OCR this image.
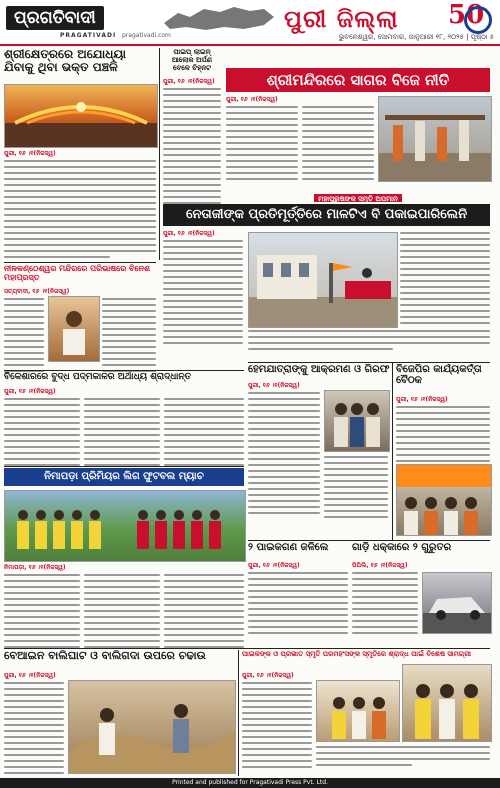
ପ୍ରଗତିବାଦୀ
PRAGATIVADI pragativadi.com
ପୁରୀ ଜିଲ୍ଲା 50
ଭୁବନେଶ୍ୱର, ସୋମବାର, ଜାନୁଆରୀ ୧୮, ୨୦୨୫ | ପୃଷ୍ଠା ୫
ଶ୍ରୀକ୍ଷେତ୍ରରେ ଅଯୋଧ୍ୟା ଯିବାକୁ ଥିବା ଭକ୍ତ ପଞ୍ଚଳି
ପୁରୀ, ୧୬ ।୧(ନିଜସ୍ୱ)
ପାଇପ୍ ଲାଇନ୍ ଆଲୋକ ଅର୍ପଣ ବେଳେ ଚିହ୍ନଟ
ପୁରୀ, ୧୬ ।୧(ନିଜସ୍ୱ)	ଶ୍ରୀମନ୍ଦିରରେ ସାଗର ବିଜେ ନୀତି
ପୁରୀ, ୧୬ ।୧(ନିଜସ୍ୱ)
ମହାପୁରୁଷଙ୍କ ସ୍ମୃତି ଅପମାନ
ନେତାଜୀଙ୍କ ପ୍ରତିମୂର୍ତ୍ତିରେ ମାଳଟିଏ ବି ପକାଇପାରିଲେନି
ପୁରୀ, ୧୬ ।୧(ନିଜସ୍ୱ)
ନୀଳକଣ୍ଠେଶ୍ୱର ମନ୍ଦିରରେ ପରିଭାଷରେ ବିନେଶ ମହାପ୍ରସ୍ତ
ସତ୍ୟବାଦୀ, ୧୬ ।୧(ନିଜସ୍ୱ)
ବିକେଶାରରେ ବୁଦ୍ଧ ପଦ୍ମକାଳର ଅର୍ଥାଧ୍ୟ ଶ୍ରାଦ୍ଧାନ୍ତ
ପୁରୀ, ୧୬ ।୧(ନିଜସ୍ୱ)
ହେମଯାତ୍ରାଙ୍କୁ ଆକ୍ରମଣ ଓ ଗିରଫ
ପୁରୀ, ୧୬ ।୧(ନିଜସ୍ୱ)
ବିଜେପିର କାର୍ଯ୍ୟକର୍ତ୍ତା ବୈଠକ
ପୁରୀ, ୧୬ ।୧(ନିଜସ୍ୱ)
ନିମାପଡ଼ା ପ୍ରିମିୟର ଲିଗ ଫୁଟବଲ ମ୍ୟାଚ
ନିମାପଡ଼ା, ୧୬ ।୧(ନିଜସ୍ୱ)
୨ ପାଇକଗଣ ଜଳିଲେ
ପୁରୀ, ୧୬ ।୧(ନିଜସ୍ୱ)
ଗାଡ଼ି ଧକ୍କାରେ ୨ ଗୁରୁତର
ପିପିଲି, ୧୬ ।୧(ନିଜସ୍ୱ)
ବେଆଇନ ବାଲିଘାଟ ଓ ବାଲିଗଦା ଉପରେ ଚଢାଉ
ପୁରୀ, ୧୬ ।୧(ନିଜସ୍ୱ)
ପାଇକଙ୍କ ଓ ପ୍ରଭାତ ସ୍ମୃତି ପରମହଂସଙ୍କ ସ୍ମୃତିରେ ଶ୍ରାଦ୍ଧ ପାଇଁ ବିଶେଷ ସାମଗ୍ରୀ
ପୁରୀ, ୧୬ ।୧(ନିଜସ୍ୱ)
Printed and published for Pragativadi Press Pvt. Ltd.
